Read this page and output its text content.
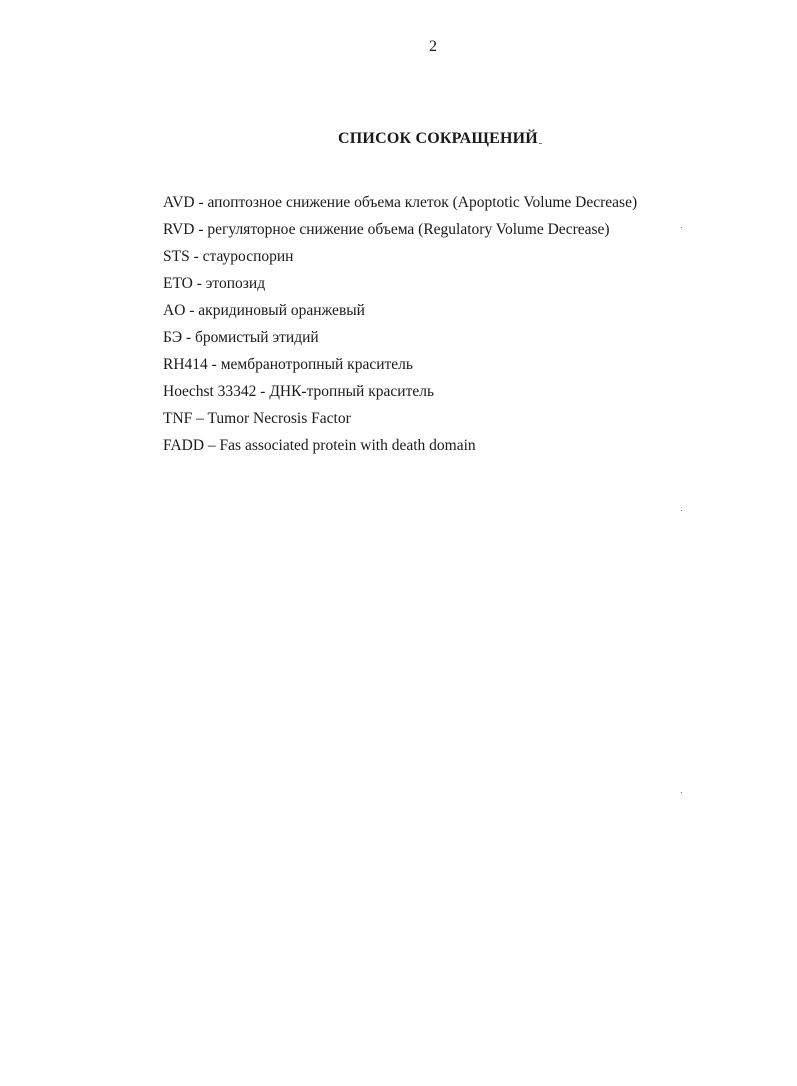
2
СПИСОК СОКРАЩЕНИЙ
AVD - апоптозное снижение объема клеток (Apoptotic Volume Decrease)
RVD - регуляторное снижение объема (Regulatory Volume Decrease)
STS - стауроспорин
ETO - этопозид
AO - акридиновый оранжевый
БЭ - бромистый этидий
RH414 - мембранотропный краситель
Hoechst 33342 - ДНК-тропный краситель
TNF – Tumor Necrosis Factor
FADD – Fas associated protein with death domain
